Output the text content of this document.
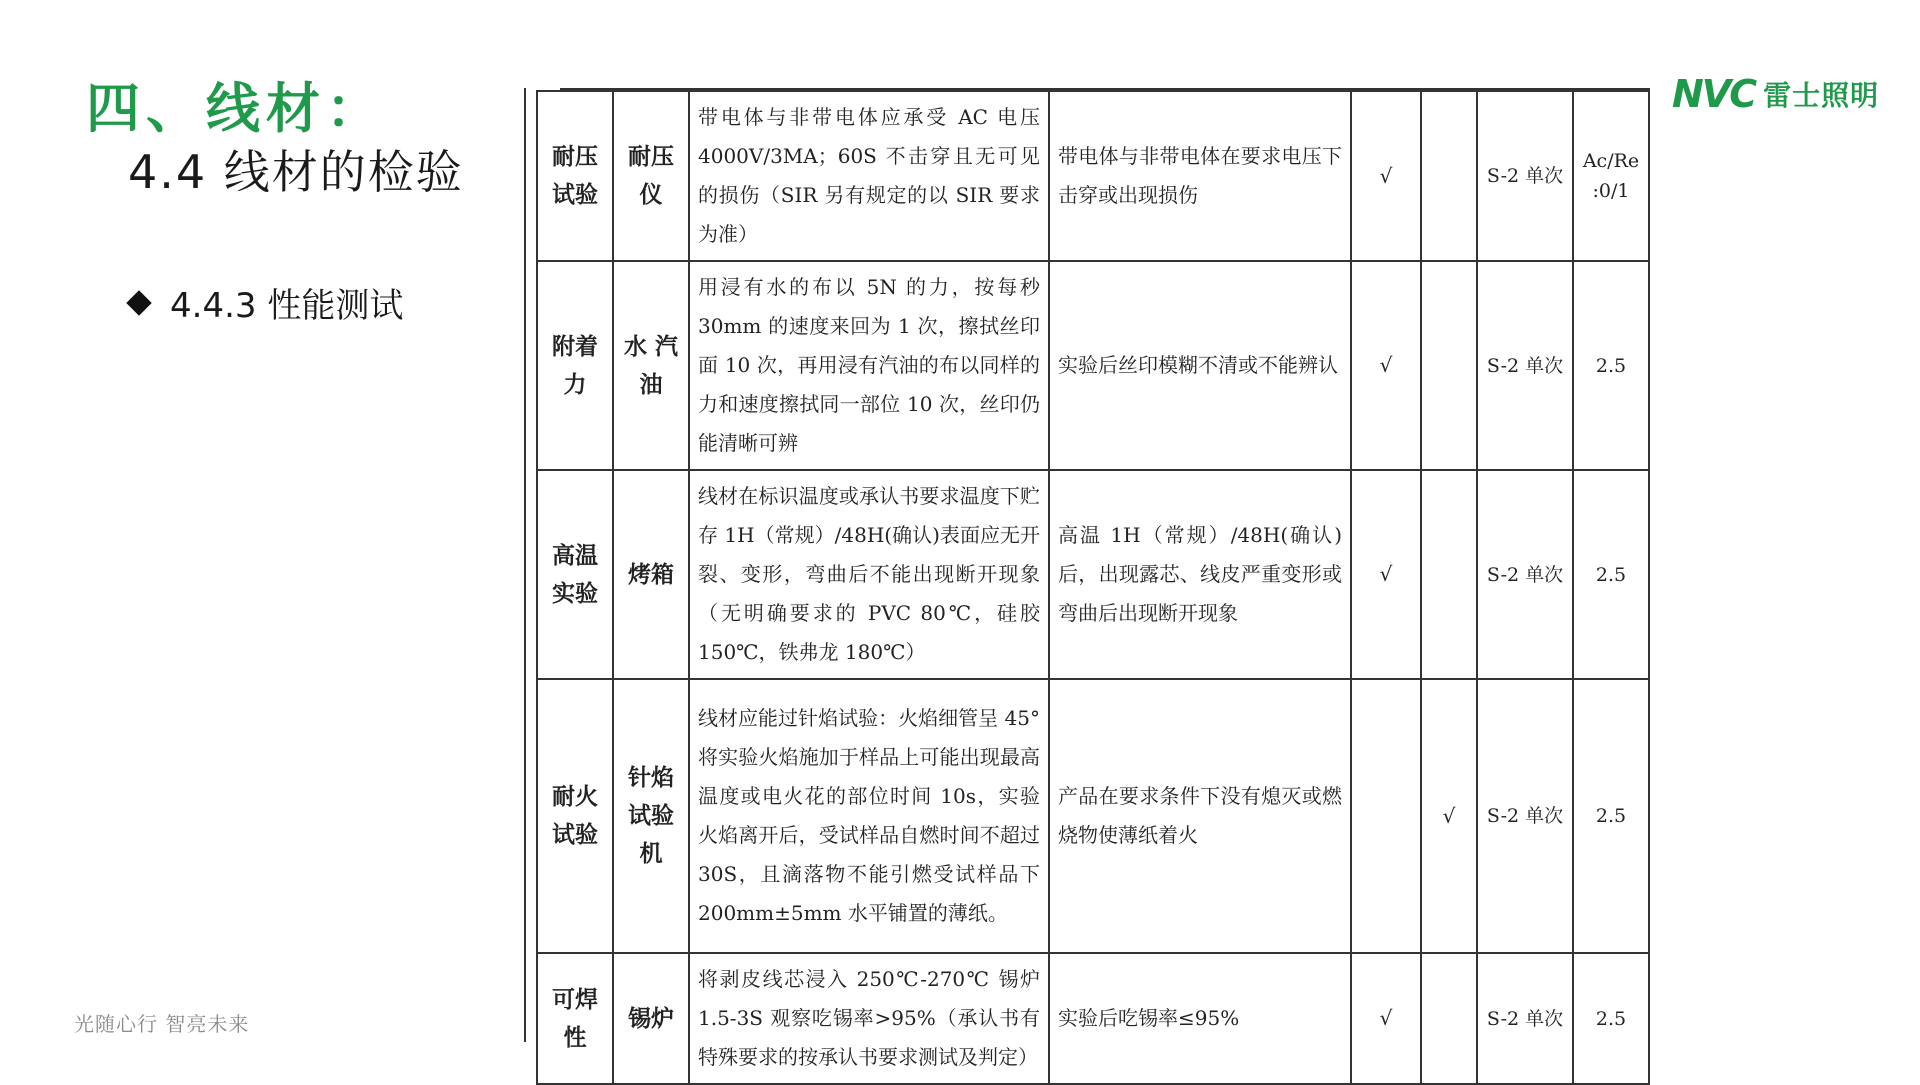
四、线材：
4.4 线材的检验
4.4.3 性能测试
NVC 雷士照明
耐压试验	耐压仪	带电体与非带电体应承受 AC 电压 4000V/3MA；60S 不击穿且无可见的损伤（SIR 另有规定的以 SIR 要求为准）	带电体与非带电体在要求电压下击穿或出现损伤	√		S-2 单次	Ac/Re :0/1
附着力	水 汽油	用浸有水的布以 5N 的力，按每秒 30mm 的速度来回为 1 次，擦拭丝印面 10 次，再用浸有汽油的布以同样的力和速度擦拭同一部位 10 次，丝印仍能清晰可辨	实验后丝印模糊不清或不能辨认	√		S-2 单次	2.5
高温实验	烤箱	线材在标识温度或承认书要求温度下贮存 1H（常规）/48H(确认)表面应无开裂、变形，弯曲后不能出现断开现象（无明确要求的 PVC 80℃，硅胶 150℃，铁弗龙 180℃）	高温 1H（常规）/48H(确认)后，出现露芯、线皮严重变形或弯曲后出现断开现象	√		S-2 单次	2.5
耐火试验	针焰试验机	线材应能过针焰试验：火焰细管呈 45° 将实验火焰施加于样品上可能出现最高温度或电火花的部位时间 10s，实验火焰离开后，受试样品自燃时间不超过30S，且滴落物不能引燃受试样品下200mm±5mm 水平铺置的薄纸。	产品在要求条件下没有熄灭或燃烧物使薄纸着火		√	S-2 单次	2.5
可焊性	锡炉	将剥皮线芯浸入 250℃-270℃ 锡炉 1.5-3S 观察吃锡率>95%（承认书有特殊要求的按承认书要求测试及判定）	实验后吃锡率≤95%	√		S-2 单次	2.5
光随心行 智亮未来
